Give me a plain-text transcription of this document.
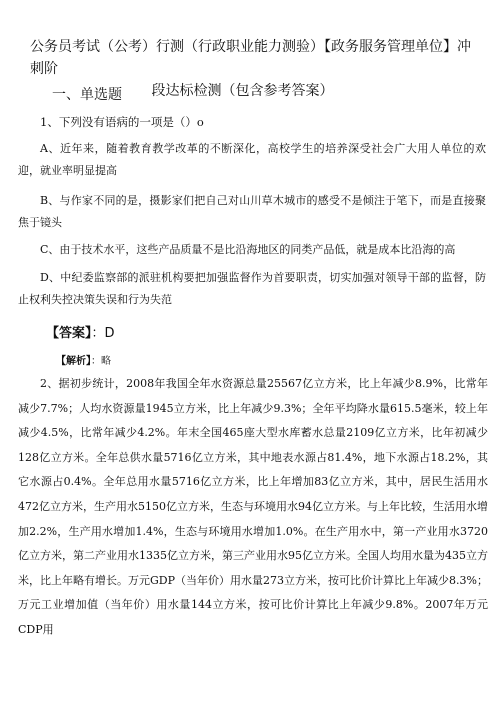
公务员考试（公考）行测（行政职业能力测验）【政务服务管理单位】冲刺阶
段达标检测（包含参考答案）
一、单选题
1、下列没有语病的一项是（）o

A、近年来，随着教育教学改革的不断深化，高校学生的培养深受社会广大用人单位的欢迎，就业率明显提高

B、与作家不同的是，摄影家们把自己对山川草木城市的感受不是倾注于笔下，而是直接聚焦于镜头

C、由于技术水平，这些产品质量不是比沿海地区的同类产品低，就是成本比沿海的高

D、中纪委监察部的派驻机构要把加强监督作为首要职责，切实加强对领导干部的监督，防止权利失控决策失误和行为失范

【答案】：D
【解析】：略

2、据初步统计，2008年我国全年水资源总量25567亿立方米，比上年减少8.9%，比常年减少7.7%；人均水资源量1945立方米，比上年减少9.3%；全年平均降水量615.5毫米，较上年减少4.5%，比常年减少4.2%。年末全国465座大型水库蓄水总量2109亿立方米，比年初减少128亿立方米。全年总供水量5716亿立方米，其中地表水源占81.4%，地下水源占18.2%，其它水源占0.4%。全年总用水量5716亿立方米，比上年增加83亿立方米，其中，居民生活用水472亿立方米，生产用水5150亿立方米，生态与环境用水94亿立方米。与上年比较，生活用水增加2.2%，生产用水增加1.4%，生态与环境用水增加1.0%。在生产用水中，第一产业用水3720亿立方米，第二产业用水1335亿立方米，第三产业用水95亿立方米。全国人均用水量为435立方米，比上年略有增长。万元GDP（当年价）用水量273立方米，按可比价计算比上年减少8.3%；万元工业增加值（当年价）用水量144立方米，按可比价计算比上年减少9.8%。2007年万元CDP用
